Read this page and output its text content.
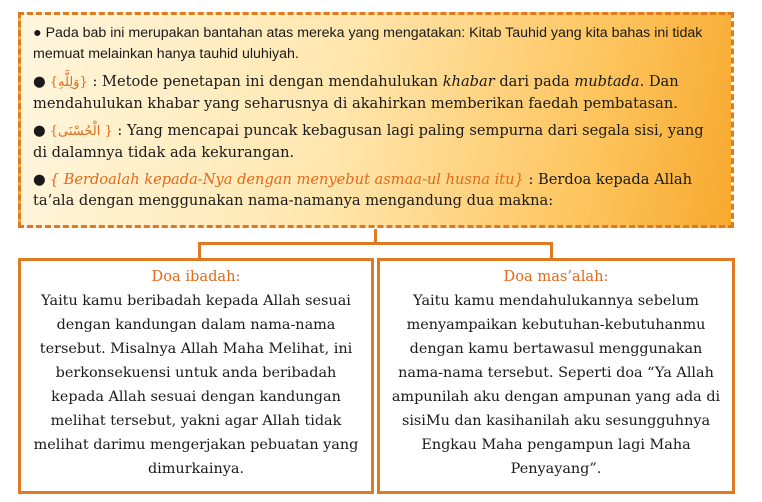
● Pada bab ini merupakan bantahan atas mereka yang mengatakan: Kitab Tauhid yang kita bahas ini tidak memuat melainkan hanya tauhid uluhiyah.

● {وَلِلَّهِ} : Metode penetapan ini dengan mendahulukan khabar dari pada mubtada. Dan mendahulukan khabar yang seharusnya di akahirkan memberikan faedah pembatasan.

● {الْحُسْنَى } : Yang mencapai puncak kebagusan lagi paling sempurna dari segala sisi, yang di dalamnya tidak ada kekurangan.

● { Berdoalah kepada-Nya dengan menyebut asmaa-ul husna itu} : Berdoa kepada Allah ta’ala dengan menggunakan nama-namanya mengandung dua makna:

Doa ibadah:
Yaitu kamu beribadah kepada Allah sesuai dengan kandungan dalam nama-nama tersebut. Misalnya Allah Maha Melihat, ini berkonsekuensi untuk anda beribadah kepada Allah sesuai dengan kandungan melihat tersebut, yakni agar Allah tidak melihat darimu mengerjakan pebuatan yang dimurkainya.
Doa mas’alah:
Yaitu kamu mendahulukannya sebelum menyampaikan kebutuhan-kebutuhanmu dengan kamu bertawasul menggunakan nama-nama tersebut. Seperti doa “Ya Allah ampunilah aku dengan ampunan yang ada di sisiMu dan kasihanilah aku sesungguhnya Engkau Maha pengampun lagi Maha Penyayang”.
